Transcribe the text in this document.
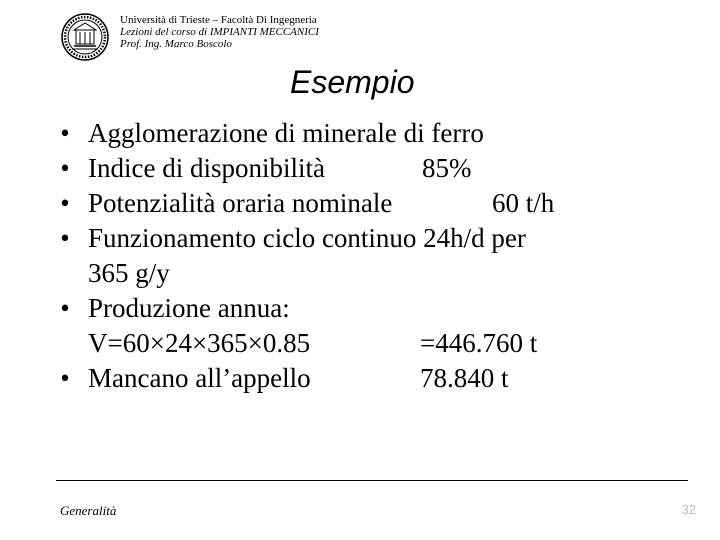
Università di Trieste – Facoltà Di Ingegneria
Lezioni del corso di IMPIANTI MECCANICI
Prof. Ing. Marco Boscolo
Esempio
• Agglomerazione di minerale di ferro
• Indice di disponibilità	85%
• Potenzialità oraria nominale	60 t/h
• Funzionamento ciclo continuo 24h/d per
365 g/y
• Produzione annua:
V=60×24×365×0.85	=446.760 t
• Mancano all’appello	78.840 t
Generalità	32
